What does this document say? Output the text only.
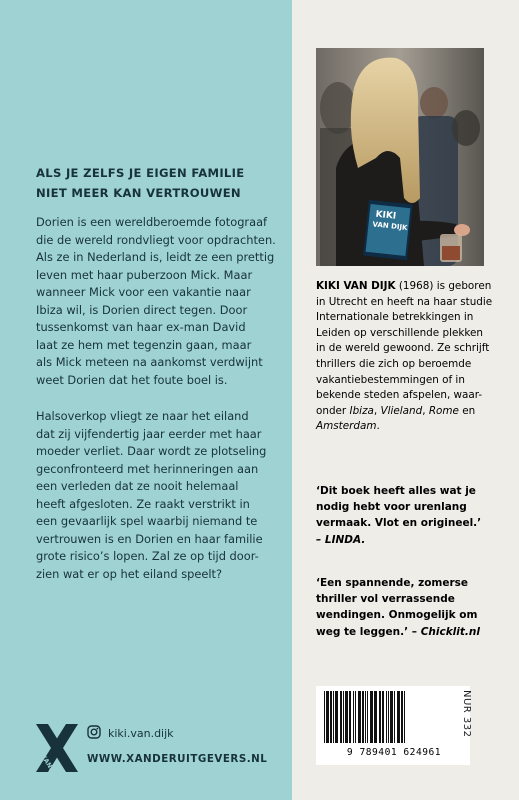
ALS JE ZELFS JE EIGEN FAMILIE
NIET MEER KAN VERTROUWEN
Dorien is een wereldberoemde fotograaf
die de wereld rondvliegt voor opdrachten.
Als ze in Nederland is, leidt ze een prettig
leven met haar puberzoon Mick. Maar
wanneer Mick voor een vakantie naar
Ibiza wil, is Dorien direct tegen. Door
tussenkomst van haar ex-man David
laat ze hem met tegenzin gaan, maar
als Mick meteen na aankomst verdwijnt
weet Dorien dat het foute boel is.
Halsoverkop vliegt ze naar het eiland
dat zij vijfendertig jaar eerder met haar
moeder verliet. Daar wordt ze plotseling
geconfronteerd met herinneringen aan
een verleden dat ze nooit helemaal
heeft afgesloten. Ze raakt verstrikt in
een gevaarlijk spel waarbij niemand te
vertrouwen is en Dorien en haar familie
grote risico’s lopen. Zal ze op tijd door-
zien wat er op het eiland speelt?
XANDER
kiki.van.dijk
WWW.XANDERUITGEVERS.NL
KIKI
VAN DIJK
KIKI VAN DIJK (1968) is geboren
in Utrecht en heeft na haar studie
Internationale betrekkingen in
Leiden op verschillende plekken
in de wereld gewoond. Ze schrijft
thrillers die zich op beroemde
vakantiebestemmingen of in
bekende steden afspelen, waar-
onder Ibiza, Vlieland, Rome en
Amsterdam.
‘Dit boek heeft alles wat je
nodig hebt voor urenlang
vermaak. Vlot en origineel.’
– LINDA.
‘Een spannende, zomerse
thriller vol verrassende
wendingen. Onmogelijk om
weg te leggen.’ – Chicklit.nl
9 789401 624961
NUR 332
